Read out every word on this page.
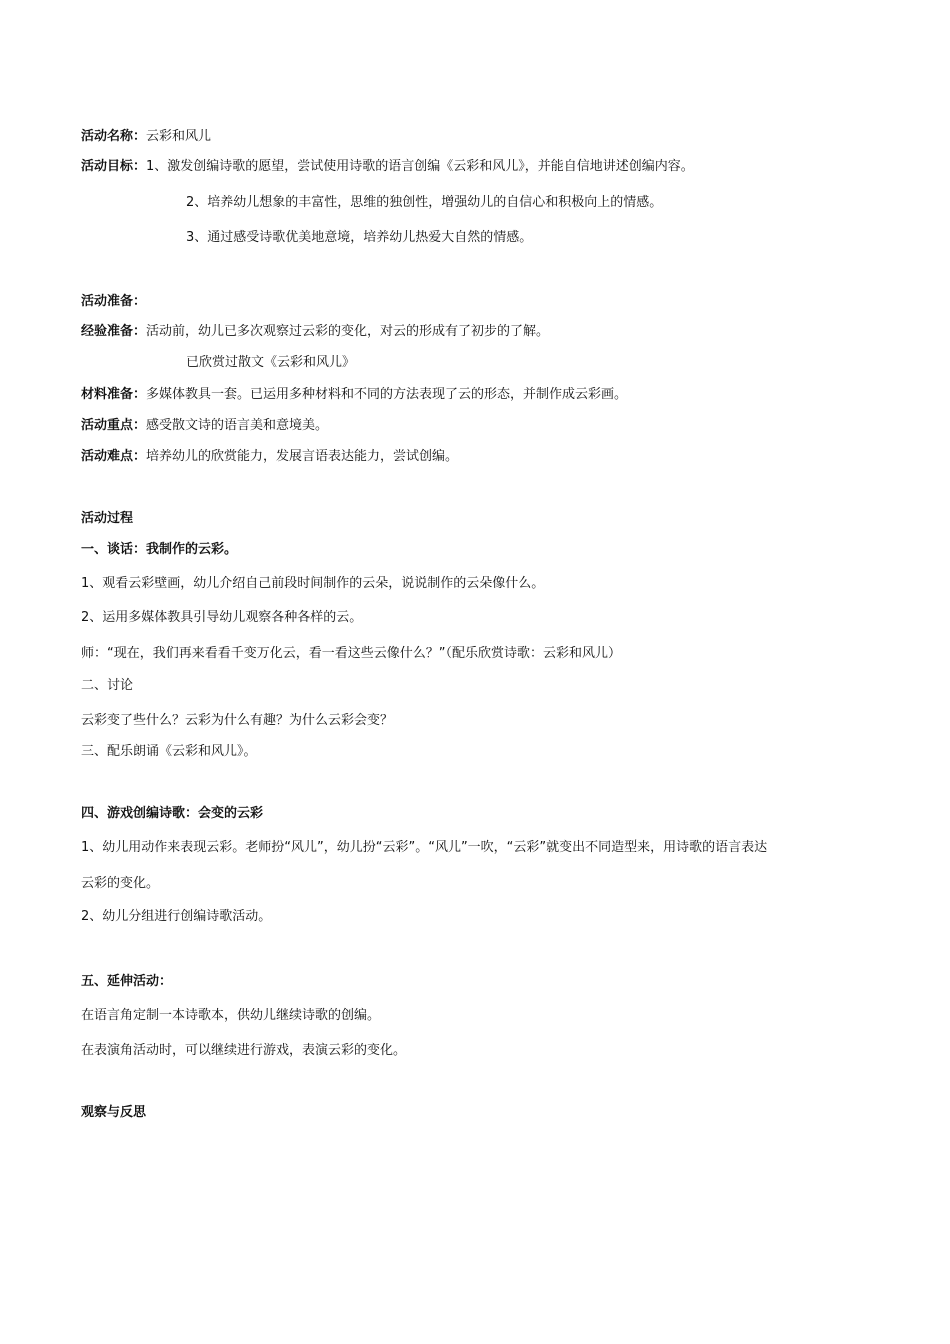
活动名称：云彩和风儿
活动目标：1、激发创编诗歌的愿望，尝试使用诗歌的语言创编《云彩和风儿》，并能自信地讲述创编内容。
2、培养幼儿想象的丰富性，思维的独创性，增强幼儿的自信心和积极向上的情感。
3、通过感受诗歌优美地意境，培养幼儿热爱大自然的情感。
活动准备：
经验准备：活动前，幼儿已多次观察过云彩的变化，对云的形成有了初步的了解。
已欣赏过散文《云彩和风儿》
材料准备：多媒体教具一套。已运用多种材料和不同的方法表现了云的形态，并制作成云彩画。
活动重点：感受散文诗的语言美和意境美。
活动难点：培养幼儿的欣赏能力，发展言语表达能力，尝试创编。
活动过程
一、谈话：我制作的云彩。
1、观看云彩壁画，幼儿介绍自己前段时间制作的云朵，说说制作的云朵像什么。
2、运用多媒体教具引导幼儿观察各种各样的云。
师：“现在，我们再来看看千变万化云，看一看这些云像什么？”（配乐欣赏诗歌：云彩和风儿）
二、讨论
云彩变了些什么？云彩为什么有趣？为什么云彩会变？
三、配乐朗诵《云彩和风儿》。
四、游戏创编诗歌：会变的云彩
1、幼儿用动作来表现云彩。老师扮“风儿”，幼儿扮“云彩”。“风儿”一吹，“云彩”就变出不同造型来，用诗歌的语言表达
云彩的变化。
2、幼儿分组进行创编诗歌活动。
五、延伸活动：
在语言角定制一本诗歌本，供幼儿继续诗歌的创编。
在表演角活动时，可以继续进行游戏，表演云彩的变化。
观察与反思
